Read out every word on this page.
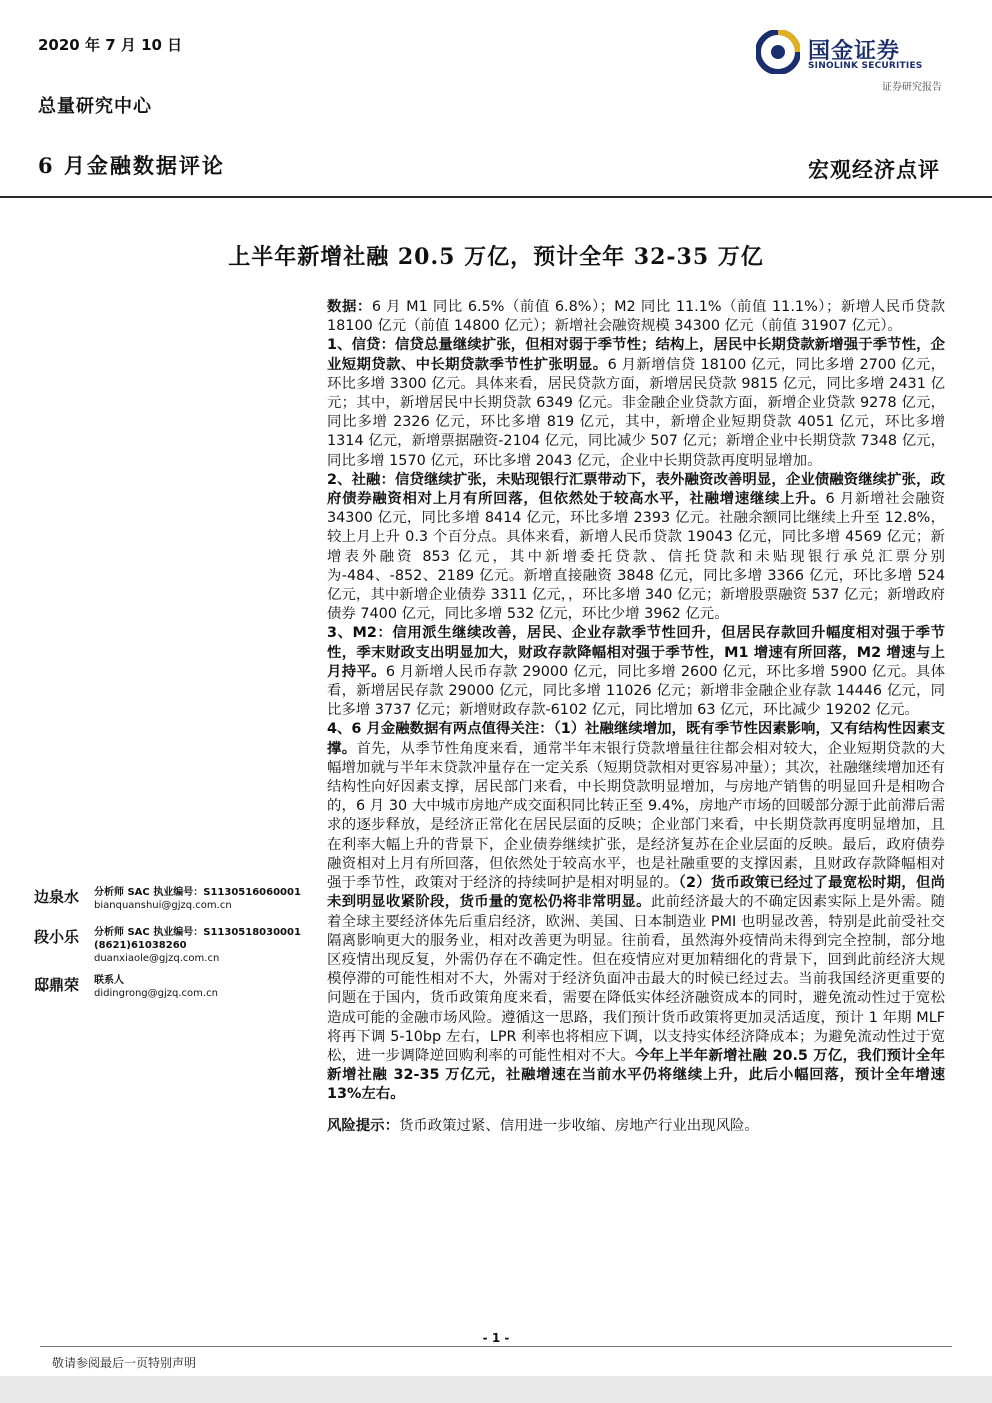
2020 年 7 月 10 日
总量研究中心
6 月金融数据评论	宏观经济点评
国金证券
SINOLINK SECURITIES
证券研究报告
上半年新增社融 20.5 万亿，预计全年 32-35 万亿

数据：6 月 M1 同比 6.5%（前值 6.8%）；M2 同比 11.1%（前值 11.1%）；新增人民币贷款 18100 亿元（前值 14800 亿元）；新增社会融资规模 34300 亿元（前值 31907 亿元）。

1、信贷：信贷总量继续扩张，但相对弱于季节性；结构上，居民中长期贷款新增强于季节性，企业短期贷款、中长期贷款季节性扩张明显。6 月新增信贷 18100 亿元，同比多增 2700 亿元，环比多增 3300 亿元。具体来看，居民贷款方面，新增居民贷款 9815 亿元，同比多增 2431 亿元；其中，新增居民中长期贷款 6349 亿元。非金融企业贷款方面，新增企业贷款 9278 亿元，同比多增 2326 亿元，环比多增 819 亿元，其中，新增企业短期贷款 4051 亿元，环比多增 1314 亿元，新增票据融资-2104 亿元，同比减少 507 亿元；新增企业中长期贷款 7348 亿元，同比多增 1570 亿元，环比多增 2043 亿元，企业中长期贷款再度明显增加。

2、社融：信贷继续扩张，未贴现银行汇票带动下，表外融资改善明显，企业债融资继续扩张，政府债券融资相对上月有所回落，但依然处于较高水平，社融增速继续上升。6 月新增社会融资 34300 亿元，同比多增 8414 亿元，环比多增 2393 亿元。社融余额同比继续上升至 12.8%，较上月上升 0.3 个百分点。具体来看，新增人民币贷款 19043 亿元，同比多增 4569 亿元；新增表外融资 853 亿元，其中新增委托贷款、信托贷款和未贴现银行承兑汇票分别为-484、-852、2189 亿元。新增直接融资 3848 亿元，同比多增 3366 亿元，环比多增 524 亿元，其中新增企业债券 3311 亿元，，环比多增 340 亿元；新增股票融资 537 亿元；新增政府债券 7400 亿元，同比多增 532 亿元，环比少增 3962 亿元。

3、M2：信用派生继续改善，居民、企业存款季节性回升，但居民存款回升幅度相对强于季节性，季末财政支出明显加大，财政存款降幅相对强于季节性，M1 增速有所回落，M2 增速与上月持平。6 月新增人民币存款 29000 亿元，同比多增 2600 亿元，环比多增 5900 亿元。具体看，新增居民存款 29000 亿元，同比多增 11026 亿元；新增非金融企业存款 14446 亿元，同比多增 3737 亿元；新增财政存款-6102 亿元，同比增加 63 亿元，环比减少 19202 亿元。

4、6 月金融数据有两点值得关注：（1）社融继续增加，既有季节性因素影响，又有结构性因素支撑。首先，从季节性角度来看，通常半年末银行贷款增量往往都会相对较大，企业短期贷款的大幅增加就与半年末贷款冲量存在一定关系（短期贷款相对更容易冲量）；其次，社融继续增加还有结构性向好因素支撑，居民部门来看，中长期贷款明显增加，与房地产销售的明显回升是相吻合的，6 月 30 大中城市房地产成交面积同比转正至 9.4%，房地产市场的回暖部分源于此前滞后需求的逐步释放，是经济正常化在居民层面的反映；企业部门来看，中长期贷款再度明显增加，且在利率大幅上升的背景下，企业债券继续扩张，是经济复苏在企业层面的反映。最后，政府债券融资相对上月有所回落，但依然处于较高水平，也是社融重要的支撑因素，且财政存款降幅相对强于季节性，政策对于经济的持续呵护是相对明显的。（2）货币政策已经过了最宽松时期，但尚未到明显收紧阶段，货币量的宽松仍将非常明显。此前经济最大的不确定因素实际上是外需。随着全球主要经济体先后重启经济，欧洲、美国、日本制造业 PMI 也明显改善，特别是此前受社交隔离影响更大的服务业，相对改善更为明显。往前看，虽然海外疫情尚未得到完全控制，部分地区疫情出现反复，外需仍存在不确定性。但在疫情应对更加精细化的背景下，回到此前经济大规模停滞的可能性相对不大，外需对于经济负面冲击最大的时候已经过去。当前我国经济更重要的问题在于国内，货币政策角度来看，需要在降低实体经济融资成本的同时，避免流动性过于宽松造成可能的金融市场风险。遵循这一思路，我们预计货币政策将更加灵活适度，预计 1 年期 MLF 将再下调 5-10bp 左右，LPR 利率也将相应下调，以支持实体经济降成本；为避免流动性过于宽松，进一步调降逆回购利率的可能性相对不大。今年上半年新增社融 20.5 万亿，我们预计全年新增社融 32-35 万亿元，社融增速在当前水平仍将继续上升，此后小幅回落，预计全年增速 13%左右。

风险提示：货币政策过紧、信用进一步收缩、房地产行业出现风险。

边泉水 分析师 SAC 执业编号：S1130516060001
bianquanshui@gjzq.com.cn
段小乐 分析师 SAC 执业编号：S1130518030001
(8621)61038260
duanxiaole@gjzq.com.cn
邸鼎荣 联系人
didingrong@gjzq.com.cn
- 1 -
敬请参阅最后一页特别声明
